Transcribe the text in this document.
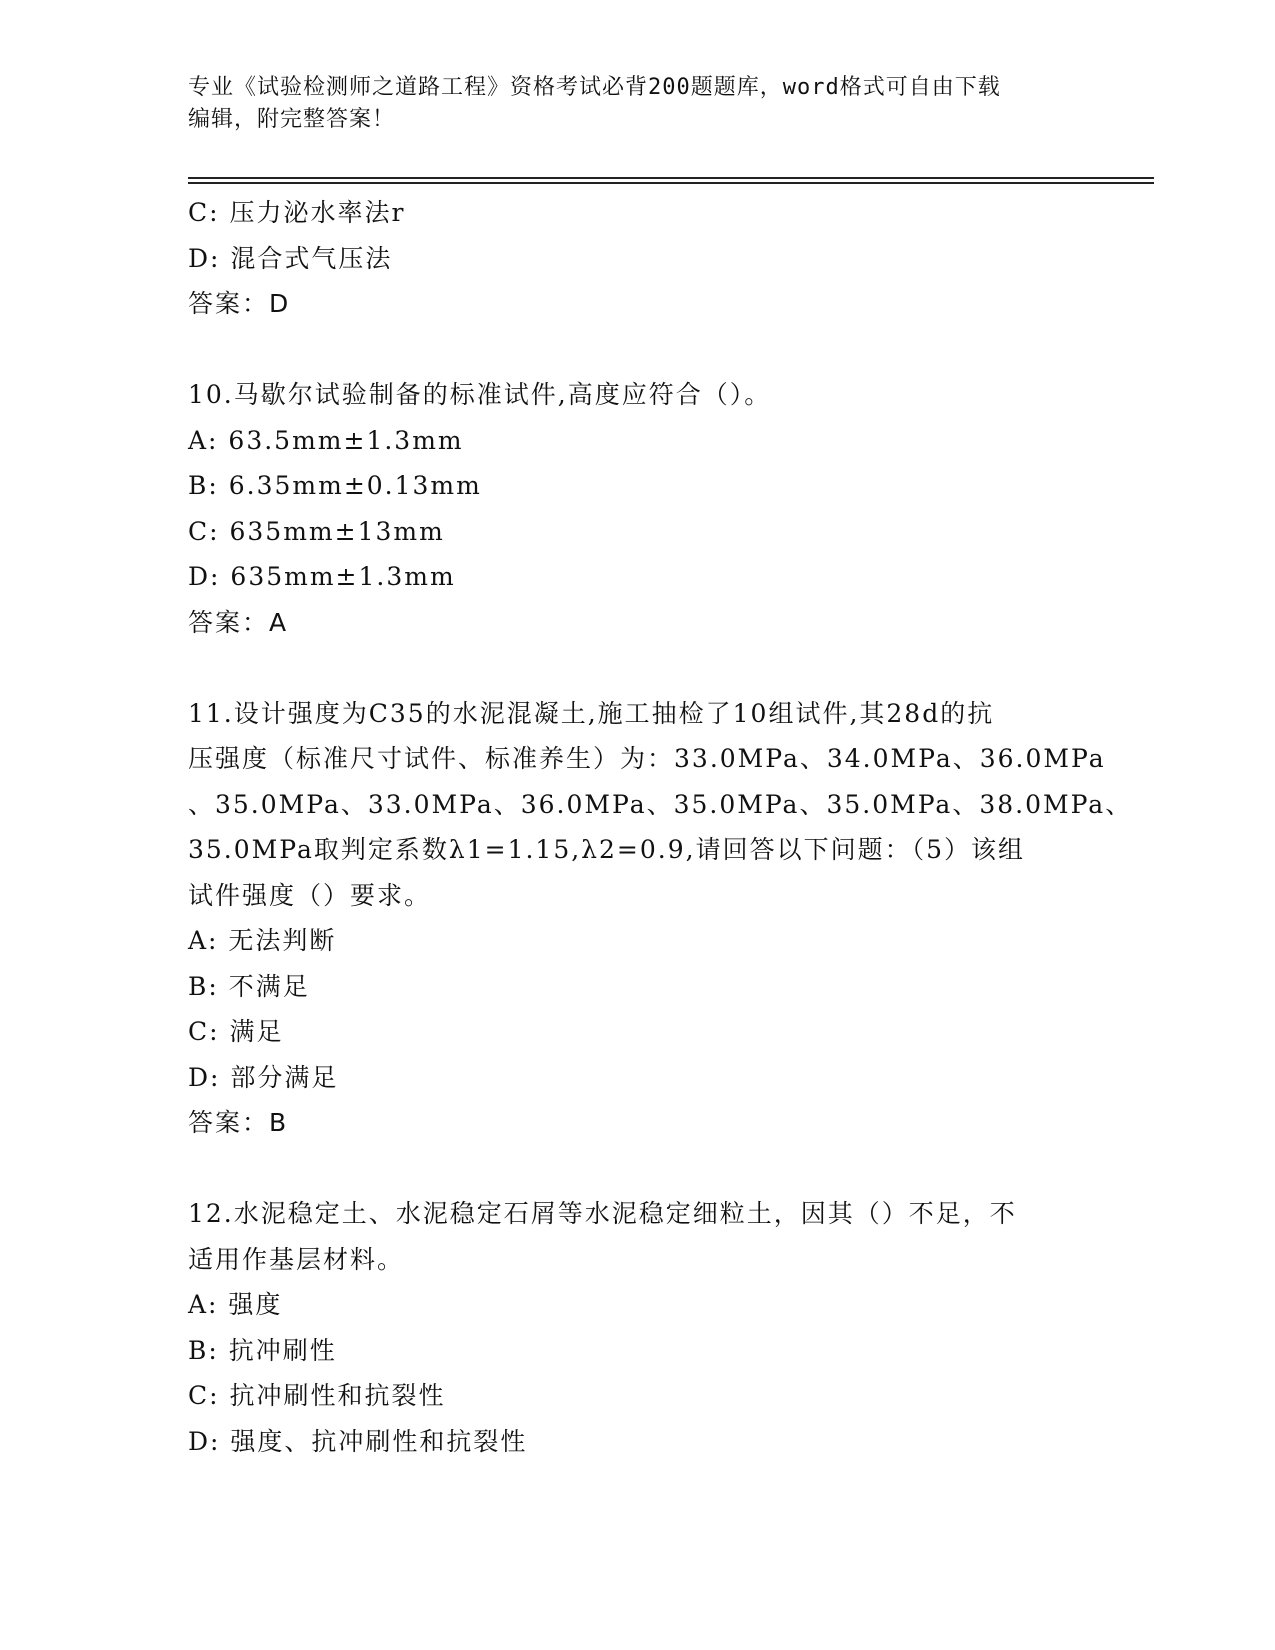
专业《试验检测师之道路工程》资格考试必背200题题库，word格式可自由下载
编辑，附完整答案！

C: 压力泌水率法r

D: 混合式气压法

答案：D

10.马歇尔试验制备的标准试件,高度应符合（）。

A: 63.5mm±1.3mm

B: 6.35mm±0.13mm

C: 635mm±13mm

D: 635mm±1.3mm

答案：A

11.设计强度为C35的水泥混凝土,施工抽检了10组试件,其28d的抗

压强度（标准尺寸试件、标准养生）为：33.0MPa、34.0MPa、36.0MPa

、35.0MPa、33.0MPa、36.0MPa、35.0MPa、35.0MPa、38.0MPa、

35.0MPa取判定系数λ1=1.15,λ2=0.9,请回答以下问题：（5）该组

试件强度（）要求。

A: 无法判断

B: 不满足

C: 满足

D: 部分满足

答案：B

12.水泥稳定土、水泥稳定石屑等水泥稳定细粒土，因其（）不足，不

适用作基层材料。

A: 强度

B: 抗冲刷性

C: 抗冲刷性和抗裂性

D: 强度、抗冲刷性和抗裂性
